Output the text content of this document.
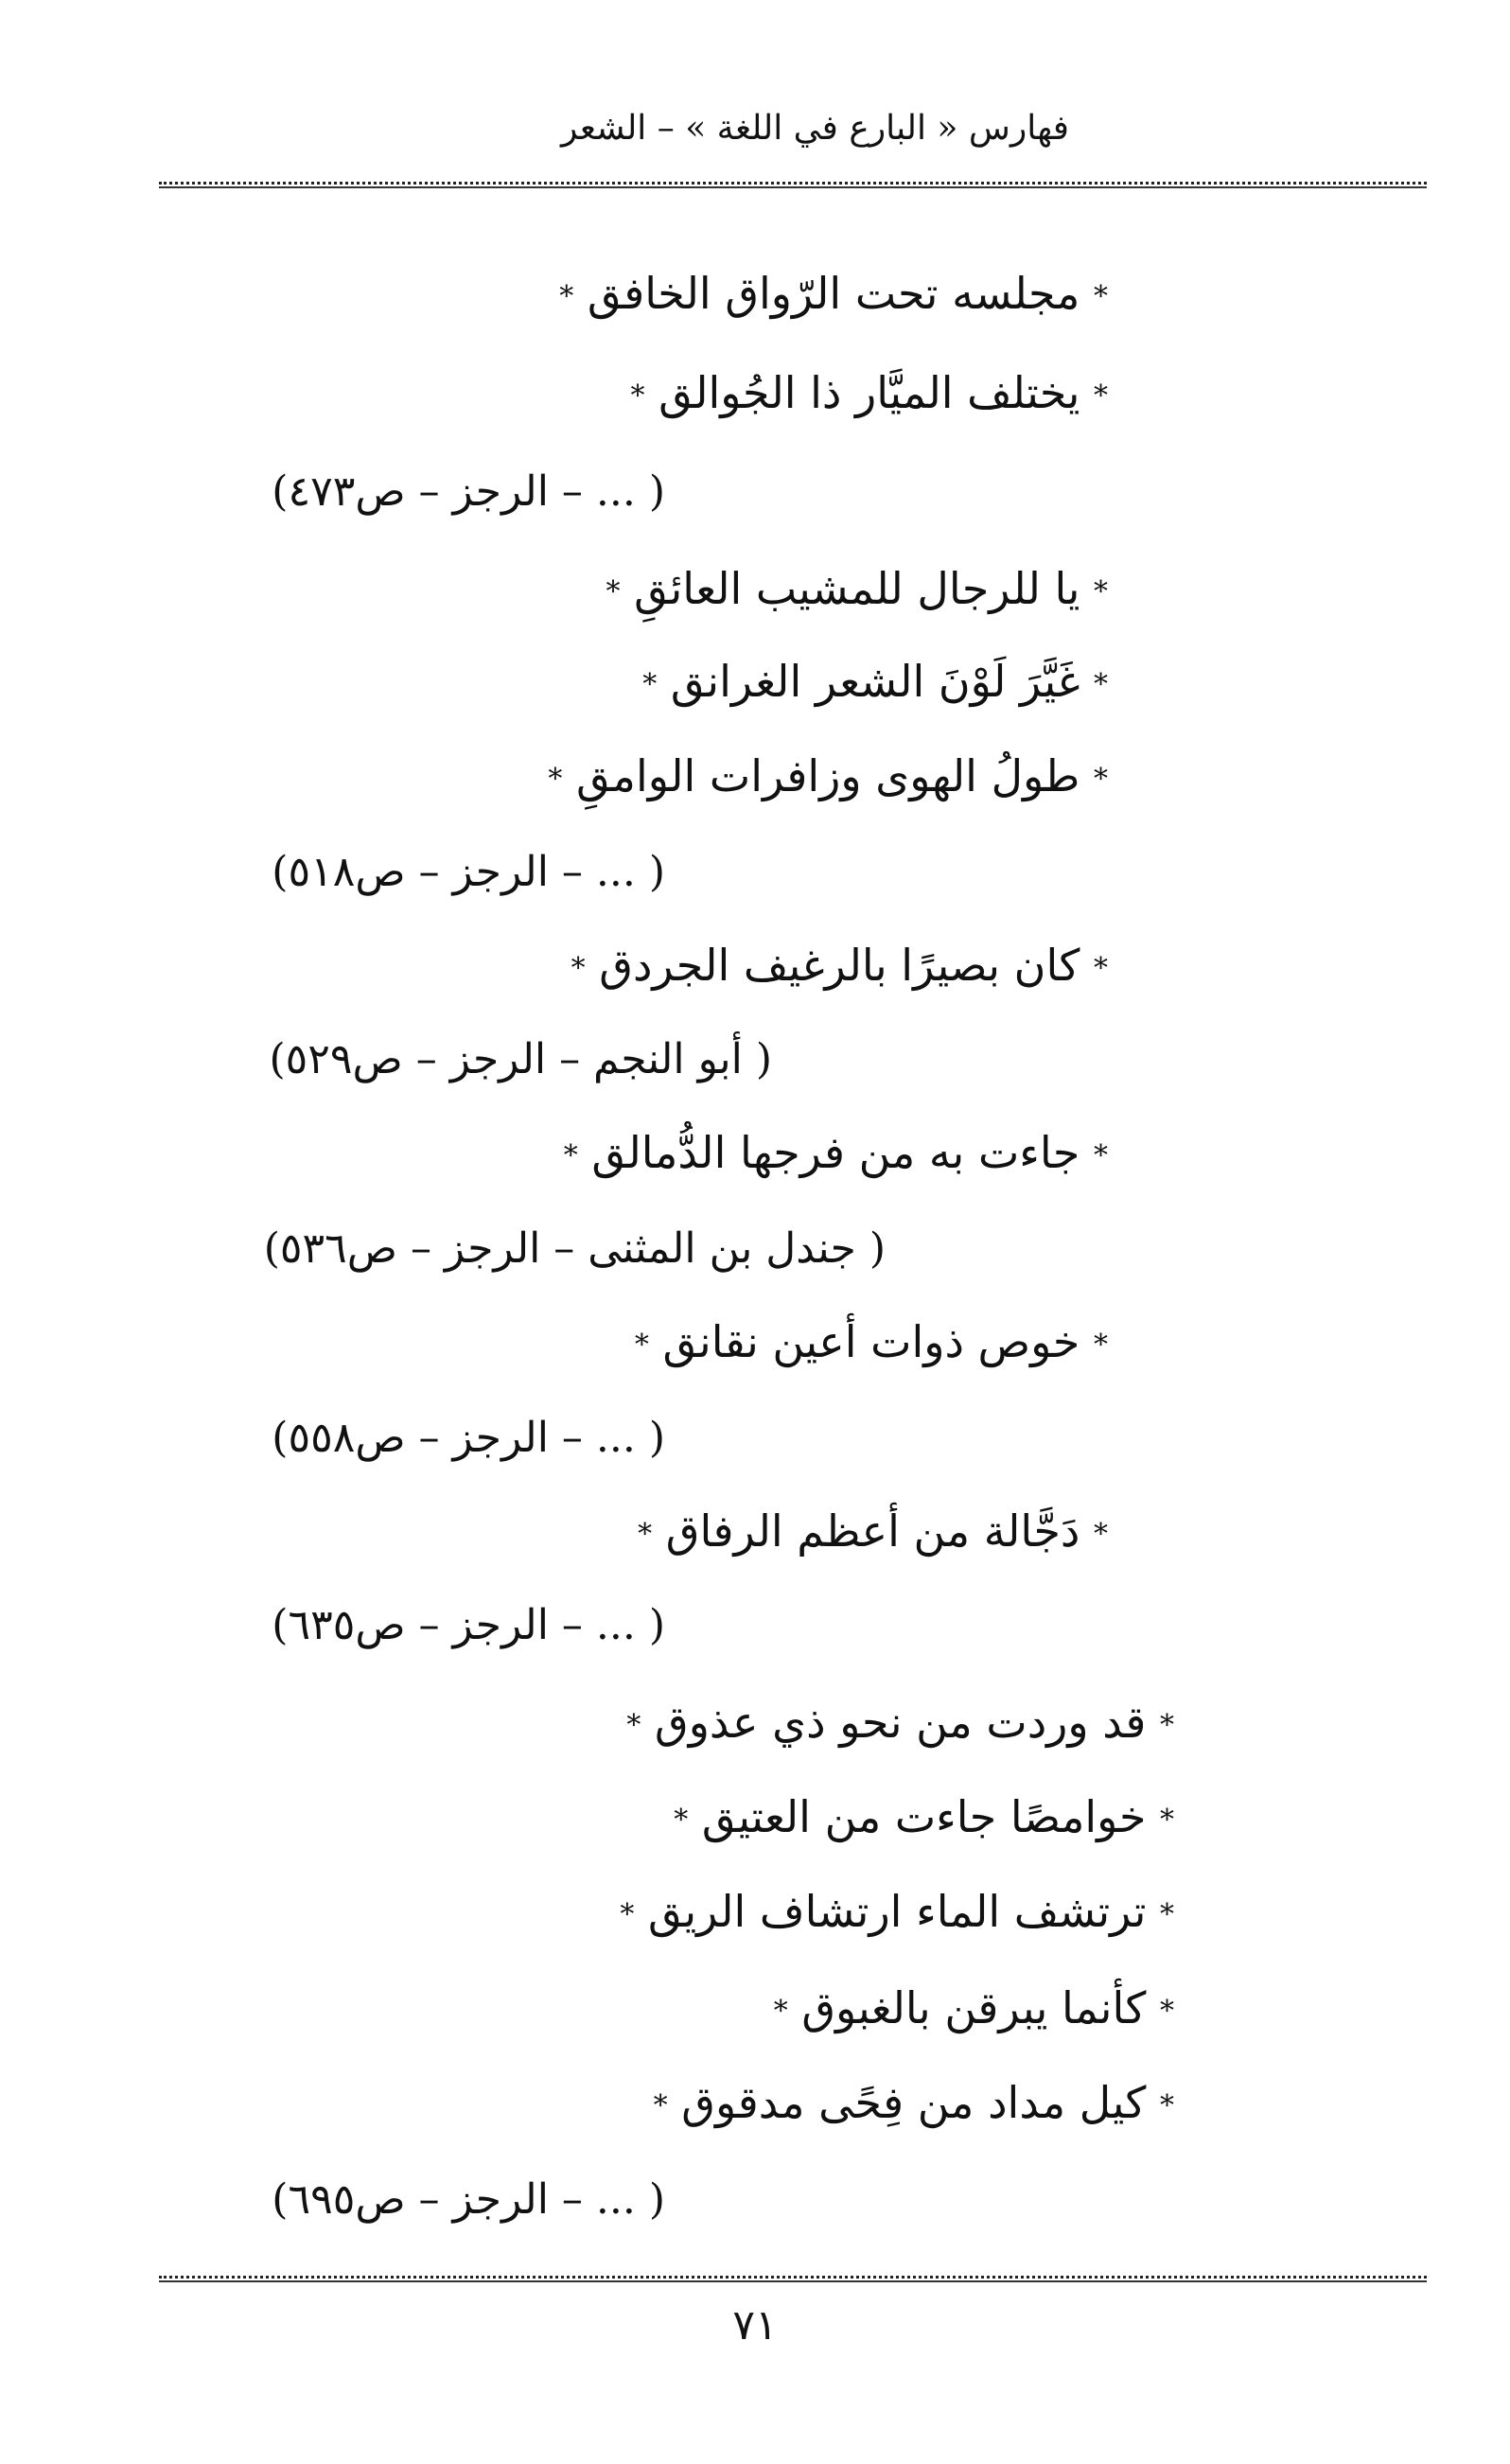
فهارس « البارع في اللغة » – الشعر
* مجلسه تحت الرّواق الخافق *
* يختلف الميَّار ذا الجُوالق *
( ... – الرجز – ص٤٧٣)
* يا للرجال للمشيب العائقِ *
* غَيَّرَ لَوْنَ الشعر الغرانق *
* طولُ الهوى وزافرات الوامقِ *
( ... – الرجز – ص٥١٨)
* كان بصيرًا بالرغيف الجردق *
( أبو النجم – الرجز – ص٥٢٩)
* جاءت به من فرجها الدُّمالق *
( جندل بن المثنى – الرجز – ص٥٣٦)
* خوص ذوات أعين نقانق *
( ... – الرجز – ص٥٥٨)
* دَجَّالة من أعظم الرفاق *
( ... – الرجز – ص٦٣٥)
* قد وردت من نحو ذي عذوق *
* خوامصًا جاءت من العتيق *
* ترتشف الماء ارتشاف الريق *
* كأنما يبرقن بالغبوق *
* كيل مداد من فِحًى مدقوق *
( ... – الرجز – ص٦٩٥)
٧١
